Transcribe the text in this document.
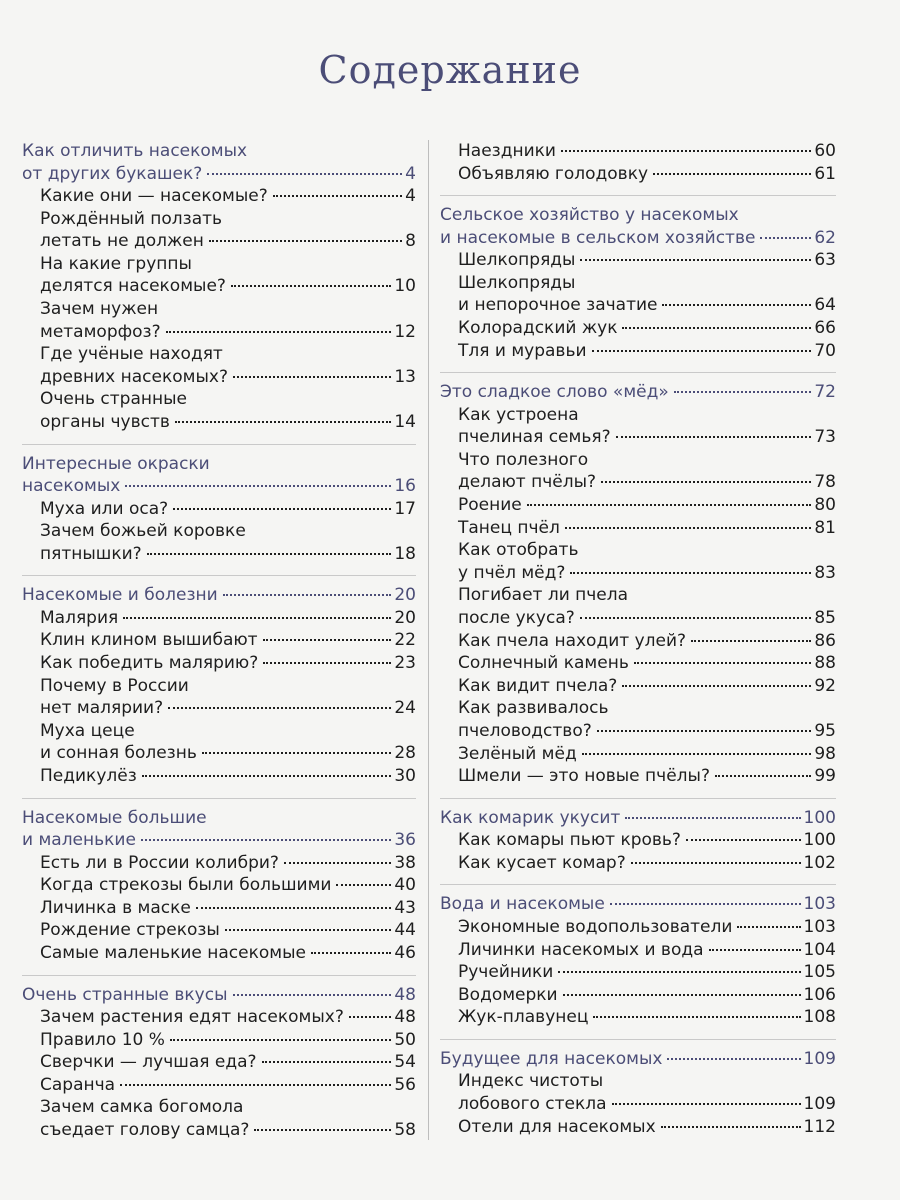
Содержание
Как отличить насекомых
от других букашек?	4
Какие они — насекомые?	4
Рождённый ползать
летать не должен	8
На какие группы
делятся насекомые?	10
Зачем нужен
метаморфоз?	12
Где учёные находят
древних насекомых?	13
Очень странные
органы чувств	14
Интересные окраски
насекомых	16
Муха или оса?	17
Зачем божьей коровке
пятнышки?	18
Насекомые и болезни	20
Малярия	20
Клин клином вышибают	22
Как победить малярию?	23
Почему в России
нет малярии?	24
Муха цеце
и сонная болезнь	28
Педикулёз	30
Насекомые большие
и маленькие	36
Есть ли в России колибри?	38
Когда стрекозы были большими	40
Личинка в маске	43
Рождение стрекозы	44
Самые маленькие насекомые	46
Очень странные вкусы	48
Зачем растения едят насекомых?	48
Правило 10 %	50
Сверчки — лучшая еда?	54
Саранча	56
Зачем самка богомола
съедает голову самца?	58
Наездники	60
Объявляю голодовку	61
Сельское хозяйство у насекомых
и насекомые в сельском хозяйстве	62
Шелкопряды	63
Шелкопряды
и непорочное зачатие	64
Колорадский жук	66
Тля и муравьи	70
Это сладкое слово «мёд»	72
Как устроена
пчелиная семья?	73
Что полезного
делают пчёлы?	78
Роение	80
Танец пчёл	81
Как отобрать
у пчёл мёд?	83
Погибает ли пчела
после укуса?	85
Как пчела находит улей?	86
Солнечный камень	88
Как видит пчела?	92
Как развивалось
пчеловодство?	95
Зелёный мёд	98
Шмели — это новые пчёлы?	99
Как комарик укусит	100
Как комары пьют кровь?	100
Как кусает комар?	102
Вода и насекомые	103
Экономные водопользователи	103
Личинки насекомых и вода	104
Ручейники	105
Водомерки	106
Жук-плавунец	108
Будущее для насекомых	109
Индекс чистоты
лобового стекла	109
Отели для насекомых	112
